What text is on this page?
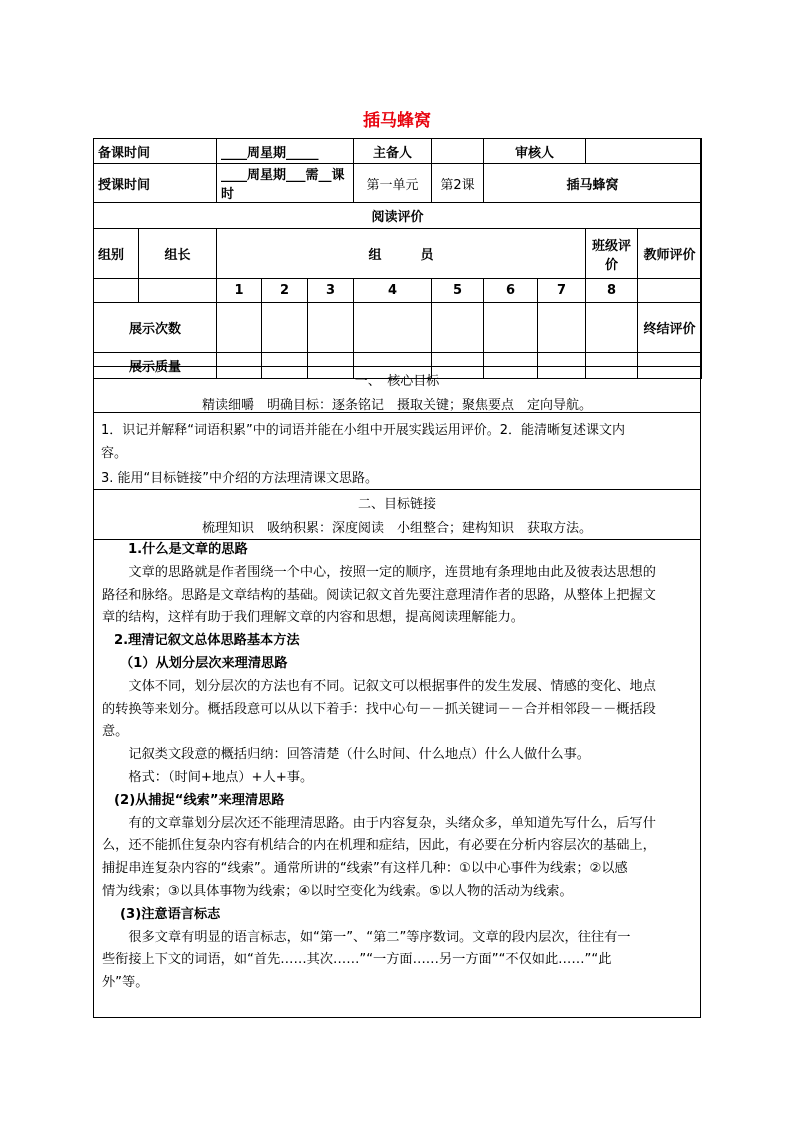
插马蜂窝
备课时间		____周星期_____			主备人		审核人			
授课时间		____周星期___需__课时			第一单元	第2课	插马蜂窝			
阅读评价										
组别	组长	组　　　员							班级评价	教师评价
		1	2	3	4	5	6	7	8	
展示次数										终结评价
展示质量										
一、　核心目标
精读细嚼　明确目标：逐条铭记　摄取关键；聚焦要点　定向导航。
1．识记并解释“词语积累”中的词语并能在小组中开展实践运用评价。2．能清晰复述课文内
容。
3. 能用“目标链接”中介绍的方法理清课文思路。
二、目标链接
梳理知识　吸纳积累：深度阅读　小组整合；建构知识　获取方法。

1.什么是文章的思路

文章的思路就是作者围绕一个中心，按照一定的顺序，连贯地有条理地由此及彼表达思想的

路径和脉络。思路是文章结构的基础。阅读记叙文首先要注意理清作者的思路，从整体上把握文

章的结构，这样有助于我们理解文章的内容和思想，提高阅读理解能力。

2.理清记叙文总体思路基本方法

（1）从划分层次来理清思路

文体不同，划分层次的方法也有不同。记叙文可以根据事件的发生发展、情感的变化、地点

的转换等来划分。概括段意可以从以下着手：找中心句－－抓关键词－－合并相邻段－－概括段

意。

记叙类文段意的概括归纳：回答清楚（什么时间、什么地点）什么人做什么事。

格式：（时间+地点）+人+事。

(2)从捕捉“线索”来理清思路

有的文章靠划分层次还不能理清思路。由于内容复杂，头绪众多，单知道先写什么，后写什

么，还不能抓住复杂内容有机结合的内在机理和症结，因此，有必要在分析内容层次的基础上，

捕捉串连复杂内容的“线索”。通常所讲的“线索”有这样几种：①以中心事件为线索；②以感

情为线索；③以具体事物为线索；④以时空变化为线索。⑤以人物的活动为线索。

(3)注意语言标志

很多文章有明显的语言标志，如“第一”、“第二”等序数词。文章的段内层次，往往有一

些衔接上下文的词语，如“首先……其次……”“一方面……另一方面”“不仅如此……”“此

外”等。
